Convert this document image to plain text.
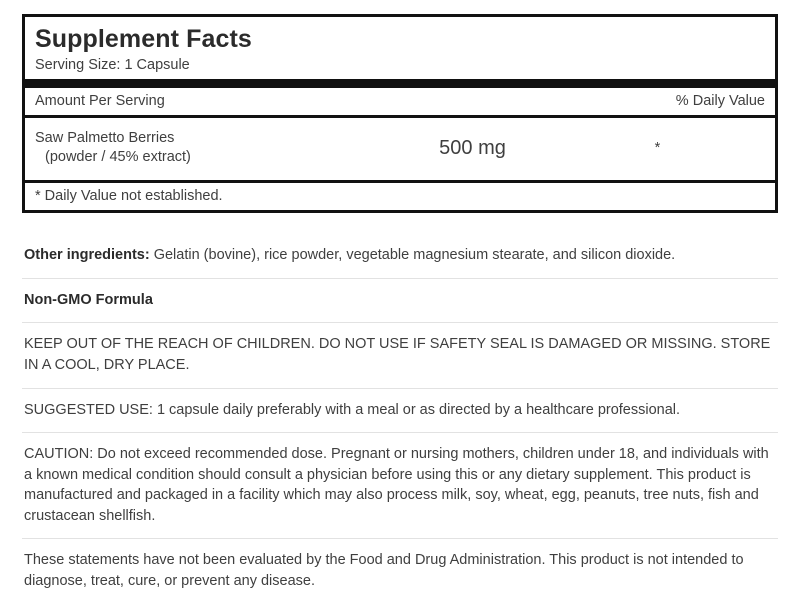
Supplement Facts
Serving Size: 1 Capsule
Amount Per Serving	% Daily Value
Saw Palmetto Berries
(powder / 45% extract)	500 mg	*
* Daily Value not established.
Other ingredients: Gelatin (bovine), rice powder, vegetable magnesium stearate, and silicon dioxide.
Non-GMO Formula
KEEP OUT OF THE REACH OF CHILDREN. DO NOT USE IF SAFETY SEAL IS DAMAGED OR MISSING. STORE IN A COOL, DRY PLACE.
SUGGESTED USE: 1 capsule daily preferably with a meal or as directed by a healthcare professional.
CAUTION: Do not exceed recommended dose. Pregnant or nursing mothers, children under 18, and individuals with a known medical condition should consult a physician before using this or any dietary supplement. This product is manufactured and packaged in a facility which may also process milk, soy, wheat, egg, peanuts, tree nuts, fish and crustacean shellfish.
These statements have not been evaluated by the Food and Drug Administration. This product is not intended to diagnose, treat, cure, or prevent any disease.
